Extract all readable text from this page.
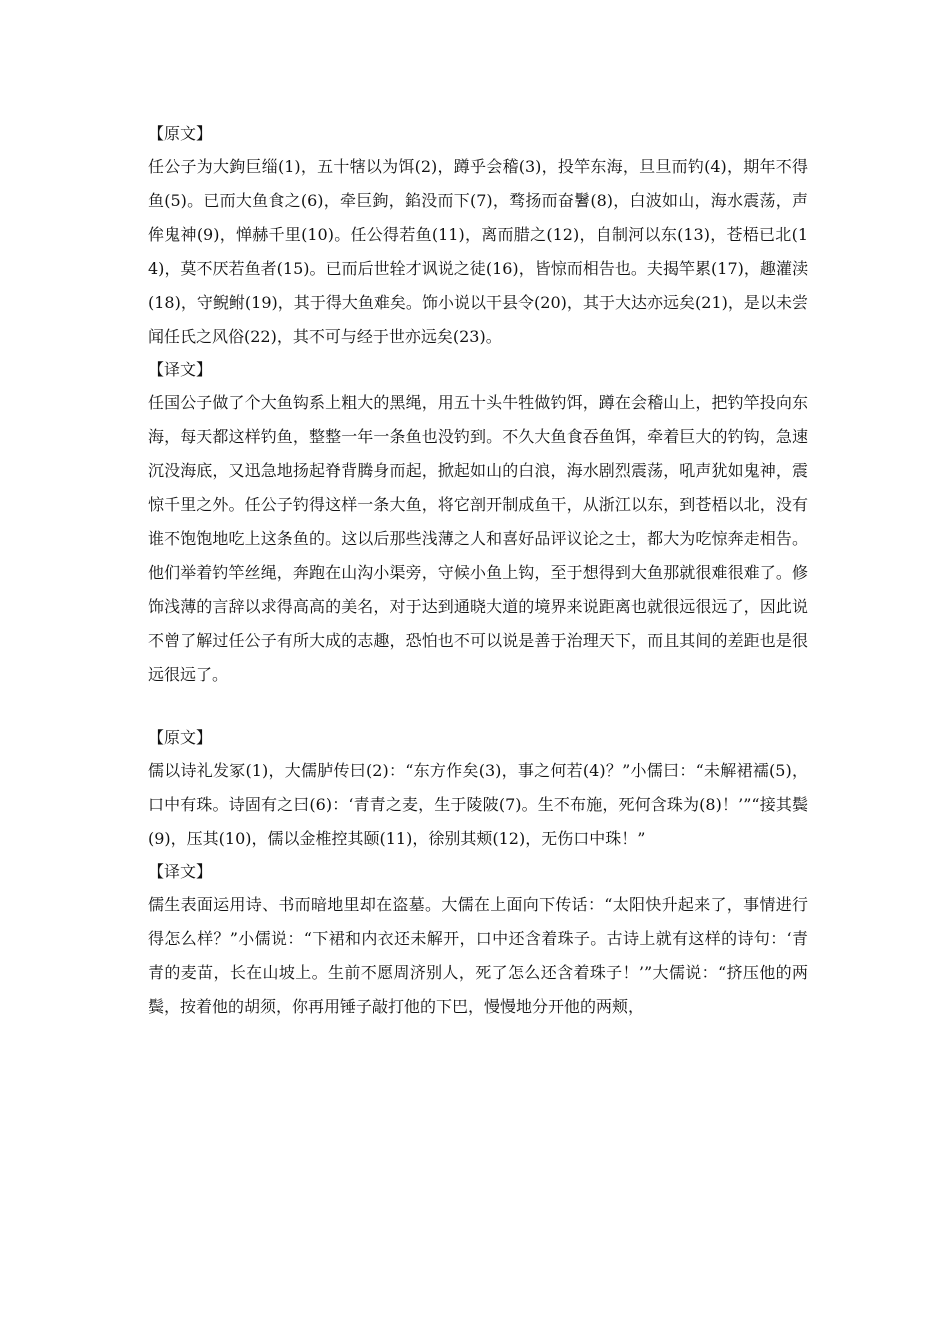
【原文】

任公子为大鉤巨缁(1)，五十犗以为饵(2)，蹲乎会稽(3)，投竿东海，旦旦而钓(4)，期年不得鱼(5)。已而大鱼食之(6)，牵巨鉤，錎没而下(7)，骛扬而奋鬐(8)，白波如山，海水震荡，声侔鬼神(9)，惮赫千里(10)。任公得若鱼(11)，离而腊之(12)，自制河以东(13)，苍梧已北(14)，莫不厌若鱼者(15)。已而后世辁才讽说之徒(16)，皆惊而相告也。夫揭竿累(17)，趣灌渎(18)，守鲵鲋(19)，其于得大鱼难矣。饰小说以干县令(20)，其于大达亦远矣(21)，是以未尝闻任氏之风俗(22)，其不可与经于世亦远矣(23)。

【译文】

任国公子做了个大鱼钩系上粗大的黑绳，用五十头牛牲做钓饵，蹲在会稽山上，把钓竿投向东海，每天都这样钓鱼，整整一年一条鱼也没钓到。不久大鱼食吞鱼饵，牵着巨大的钓钩，急速沉没海底，又迅急地扬起脊背腾身而起，掀起如山的白浪，海水剧烈震荡，吼声犹如鬼神，震惊千里之外。任公子钓得这样一条大鱼，将它剖开制成鱼干，从浙江以东，到苍梧以北，没有谁不饱饱地吃上这条鱼的。这以后那些浅薄之人和喜好品评议论之士，都大为吃惊奔走相告。他们举着钓竿丝绳，奔跑在山沟小渠旁，守候小鱼上钩，至于想得到大鱼那就很难很难了。修饰浅薄的言辞以求得高高的美名，对于达到通晓大道的境界来说距离也就很远很远了，因此说不曾了解过任公子有所大成的志趣，恐怕也不可以说是善于治理天下，而且其间的差距也是很远很远了。

【原文】

儒以诗礼发冢(1)，大儒胪传曰(2)：“东方作矣(3)，事之何若(4)？”小儒曰：“未解裙襦(5)，口中有珠。诗固有之曰(6)：‘青青之麦，生于陵陂(7)。生不布施，死何含珠为(8)！’”“接其鬓(9)，压其(10)，儒以金椎控其颐(11)，徐别其颊(12)，无伤口中珠！”

【译文】

儒生表面运用诗、书而暗地里却在盗墓。大儒在上面向下传话：“太阳快升起来了，事情进行得怎么样？”小儒说：“下裙和内衣还未解开，口中还含着珠子。古诗上就有这样的诗句：‘青青的麦苗，长在山坡上。生前不愿周济别人，死了怎么还含着珠子！’”大儒说：“挤压他的两鬓，按着他的胡须，你再用锤子敲打他的下巴，慢慢地分开他的两颊，
